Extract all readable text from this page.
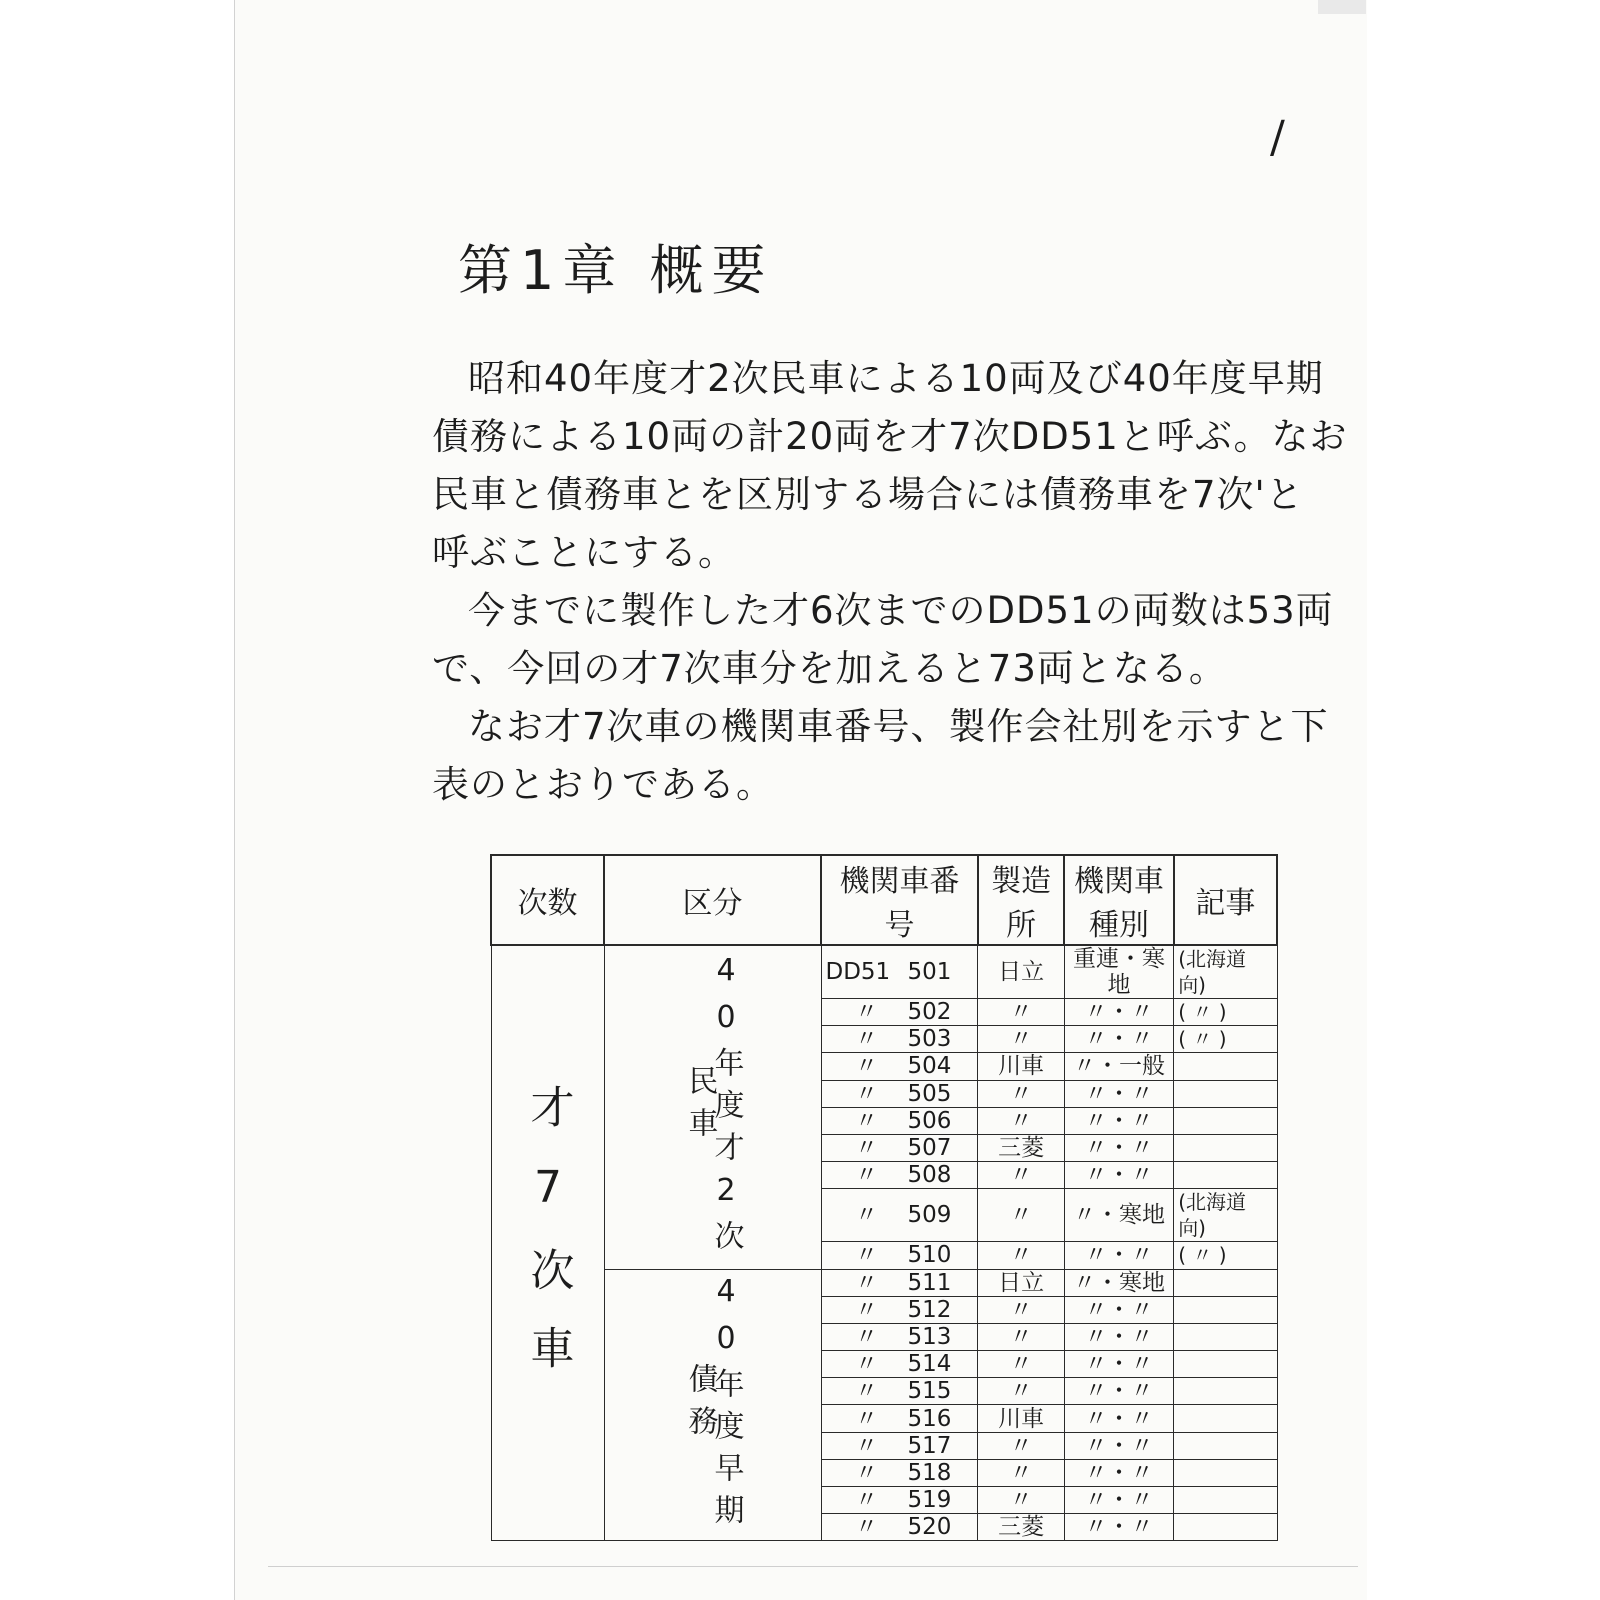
/
第1章 概要
昭和40年度才2次民車による10両及び40年度早期
債務による10両の計20両を才7次DD51と呼ぶ。なお
民車と債務車とを区別する場合には債務車を7次'と
呼ぶことにする。
今までに製作した才6次までのDD51の両数は53両
で、今回の才7次車分を加えると73両となる。
なお才7次車の機関車番号、製作会社別を示すと下
表のとおりである。
次数	区分	機関車番号	製造所	機関車種別	記事
才7次車	40年度才2次民車	DD51 501	日立	重連・寒地	(北海道向)
		〃 502	〃	〃・〃	( 〃 )
		〃 503	〃	〃・〃	( 〃 )
		〃 504	川車	〃・一般	
		〃 505	〃	〃・〃	
		〃 506	〃	〃・〃	
		〃 507	三菱	〃・〃	
		〃 508	〃	〃・〃	
		〃 509	〃	〃・寒地	(北海道向)
		〃 510	〃	〃・〃	( 〃 )
	40年度早期債務	〃 511	日立	〃・寒地	
		〃 512	〃	〃・〃	
		〃 513	〃	〃・〃	
		〃 514	〃	〃・〃	
		〃 515	〃	〃・〃	
		〃 516	川車	〃・〃	
		〃 517	〃	〃・〃	
		〃 518	〃	〃・〃	
		〃 519	〃	〃・〃	
		〃 520	三菱	〃・〃	
